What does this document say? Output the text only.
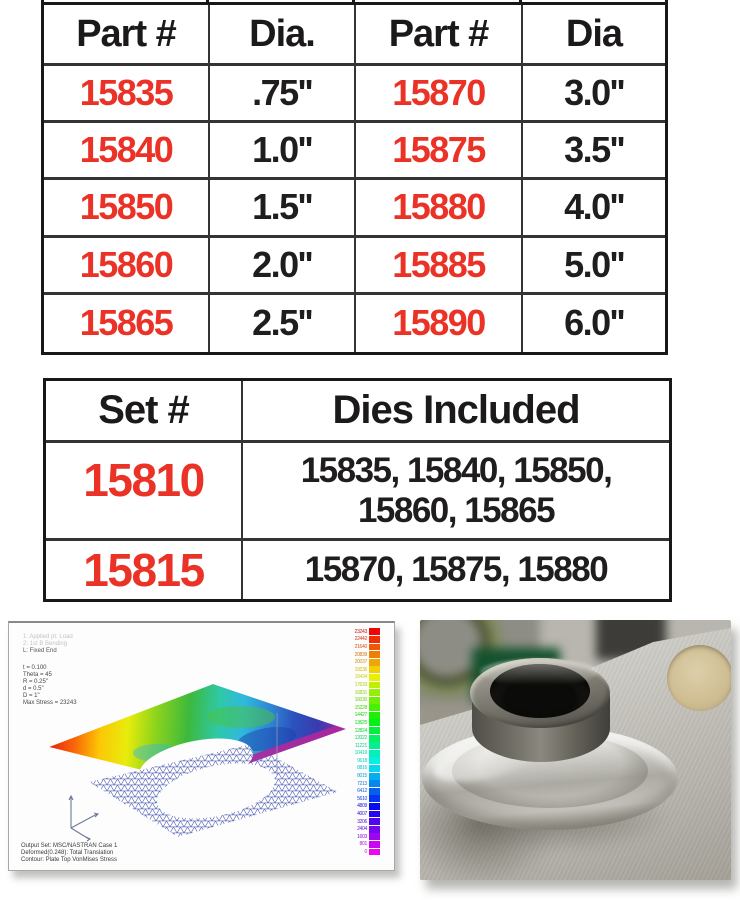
Part #	Dia.	Part #	Dia
15835	.75''	15870	3.0''
15840	1.0''	15875	3.5''
15850	1.5''	15880	4.0''
15860	2.0''	15885	5.0''
15865	2.5''	15890	6.0''
Set #	Dies Included
15810	15835, 15840, 15850, 15860, 15865
15815	15870, 15875, 15880
1: Applied pt: Load
2: 1st B Bending
L: Fixed End
t = 0.100
Theta = 45
R = 0.25"
d = 0.5"
D = 1"
Max Stress = 23243
Output Set: MSC/NASTRAN Case 1
Deformed(0.248): Total Translation
Contour: Plate Top VonMises Stress
23243
22442
21640
20839
20037
19236
18434
17633
16831
16030
15228
14427
13625
12824
12022
11221
10419
9618
8816
8015
7213
6412
5610
4809
4007
3206
2404
1603
801
0
